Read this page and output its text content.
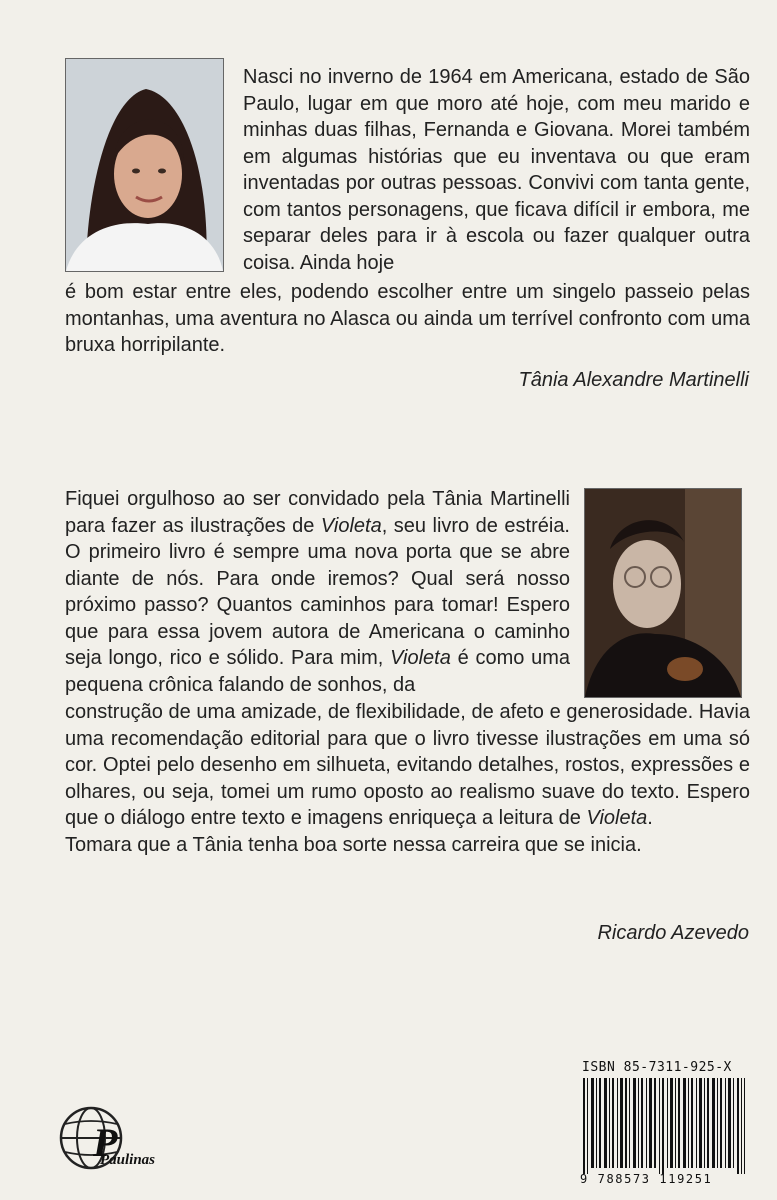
Nasci no inverno de 1964 em Americana, estado de São Paulo, lugar em que moro até hoje, com meu marido e minhas duas filhas, Fernanda e Giovana. Morei também em algumas histórias que eu inventava ou que eram inventadas por outras pessoas. Convivi com tanta gente, com tantos personagens, que ficava difícil ir embora, me separar deles para ir à escola ou fazer qualquer outra coisa. Ainda hoje

é bom estar entre eles, podendo escolher entre um singelo passeio pelas montanhas, uma aventura no Alasca ou ainda um terrível confronto com uma bruxa horripilante.

Tânia Alexandre Martinelli

Fiquei orgulhoso ao ser convidado pela Tânia Martinelli para fazer as ilustrações de Violeta, seu livro de estréia. O primeiro livro é sempre uma nova porta que se abre diante de nós. Para onde iremos? Qual será nosso próximo passo? Quantos caminhos para tomar! Espero que para essa jovem autora de Americana o caminho seja longo, rico e sólido. Para mim, Violeta é como uma pequena crônica falando de sonhos, da

construção de uma amizade, de flexibilidade, de afeto e generosidade. Havia uma recomendação editorial para que o livro tivesse ilustrações em uma só cor. Optei pelo desenho em silhueta, evitando detalhes, rostos, expressões e olhares, ou seja, tomei um rumo oposto ao realismo suave do texto. Espero que o diálogo entre texto e imagens enriqueça a leitura de Violeta.
Tomara que a Tânia tenha boa sorte nessa carreira que se inicia.

Ricardo Azevedo

P
Paulinas
ISBN 85-7311-925-X
9 788573 119251
